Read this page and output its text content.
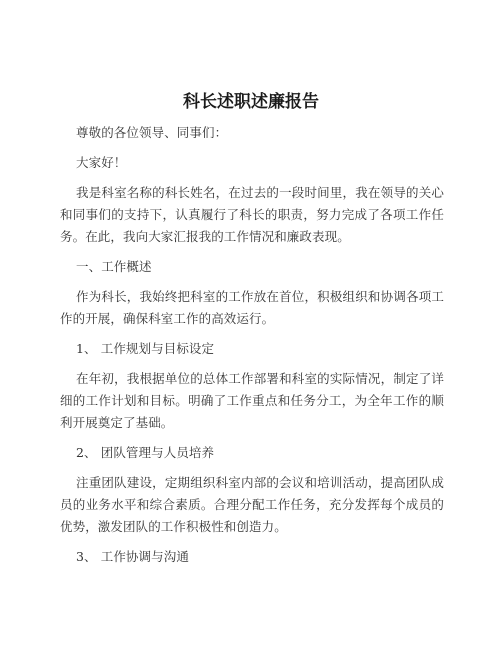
科长述职述廉报告

尊敬的各位领导、同事们：

大家好！

我是科室名称的科长姓名，在过去的一段时间里，我在领导的关心和同事们的支持下，认真履行了科长的职责，努力完成了各项工作任务。在此，我向大家汇报我的工作情况和廉政表现。

一、工作概述

作为科长，我始终把科室的工作放在首位，积极组织和协调各项工作的开展，确保科室工作的高效运行。

1、 工作规划与目标设定

在年初，我根据单位的总体工作部署和科室的实际情况，制定了详细的工作计划和目标。明确了工作重点和任务分工，为全年工作的顺利开展奠定了基础。

2、 团队管理与人员培养

注重团队建设，定期组织科室内部的会议和培训活动，提高团队成员的业务水平和综合素质。合理分配工作任务，充分发挥每个成员的优势，激发团队的工作积极性和创造力。

3、 工作协调与沟通
